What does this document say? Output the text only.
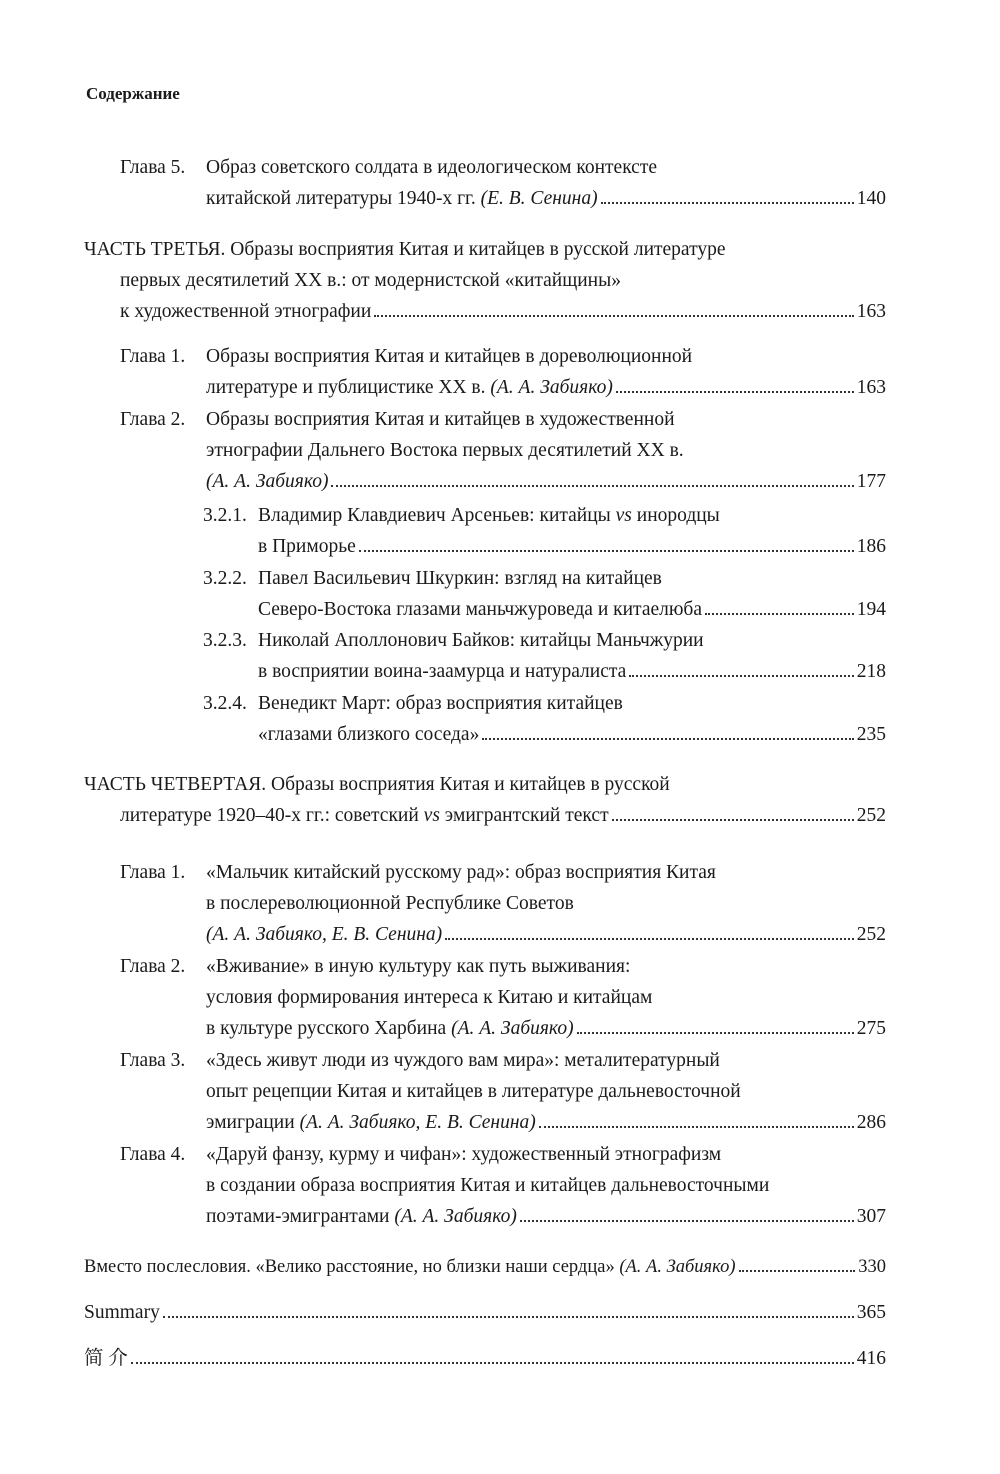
Содержание
Глава 5. Образ советского солдата в идеологическом контексте
китайской литературы 1940-х гг. (Е. В. Сенина)	140
ЧАСТЬ ТРЕТЬЯ. Образы восприятия Китая и китайцев в русской литературе
первых десятилетий XX в.: от модернистской «китайщины»
к художественной этнографии	163
Глава 1. Образы восприятия Китая и китайцев в дореволюционной
литературе и публицистике XX в. (А. А. Забияко)	163
Глава 2. Образы восприятия Китая и китайцев в художественной
этнографии Дальнего Востока первых десятилетий XX в.
(А. А. Забияко)	177
3.2.1. Владимир Клавдиевич Арсеньев: китайцы vs инородцы
в Приморье	186
3.2.2. Павел Васильевич Шкуркин: взгляд на китайцев
Северо-Востока глазами маньчжуроведа и китаелюба	194
3.2.3. Николай Аполлонович Байков: китайцы Маньчжурии
в восприятии воина-заамурца и натуралиста	218
3.2.4. Венедикт Март: образ восприятия китайцев
«глазами близкого соседа»	235
ЧАСТЬ ЧЕТВЕРТАЯ. Образы восприятия Китая и китайцев в русской
литературе 1920–40-х гг.: советский vs эмигрантский текст	252
Глава 1. «Мальчик китайский русскому рад»: образ восприятия Китая
в послереволюционной Республике Советов
(А. А. Забияко, Е. В. Сенина)	252
Глава 2. «Вживание» в иную культуру как путь выживания:
условия формирования интереса к Китаю и китайцам
в культуре русского Харбина (А. А. Забияко)	275
Глава 3. «Здесь живут люди из чуждого вам мира»: металитературный
опыт рецепции Китая и китайцев в литературе дальневосточной
эмиграции (А. А. Забияко, Е. В. Сенина)	286
Глава 4. «Даруй фанзу, курму и чифан»: художественный этнографизм
в создании образа восприятия Китая и китайцев дальневосточными
поэтами-эмигрантами (А. А. Забияко)	307
Вместо послесловия. «Велико расстояние, но близки наши сердца» (А. А. Забияко)	330
Summary	365
简 介	416
